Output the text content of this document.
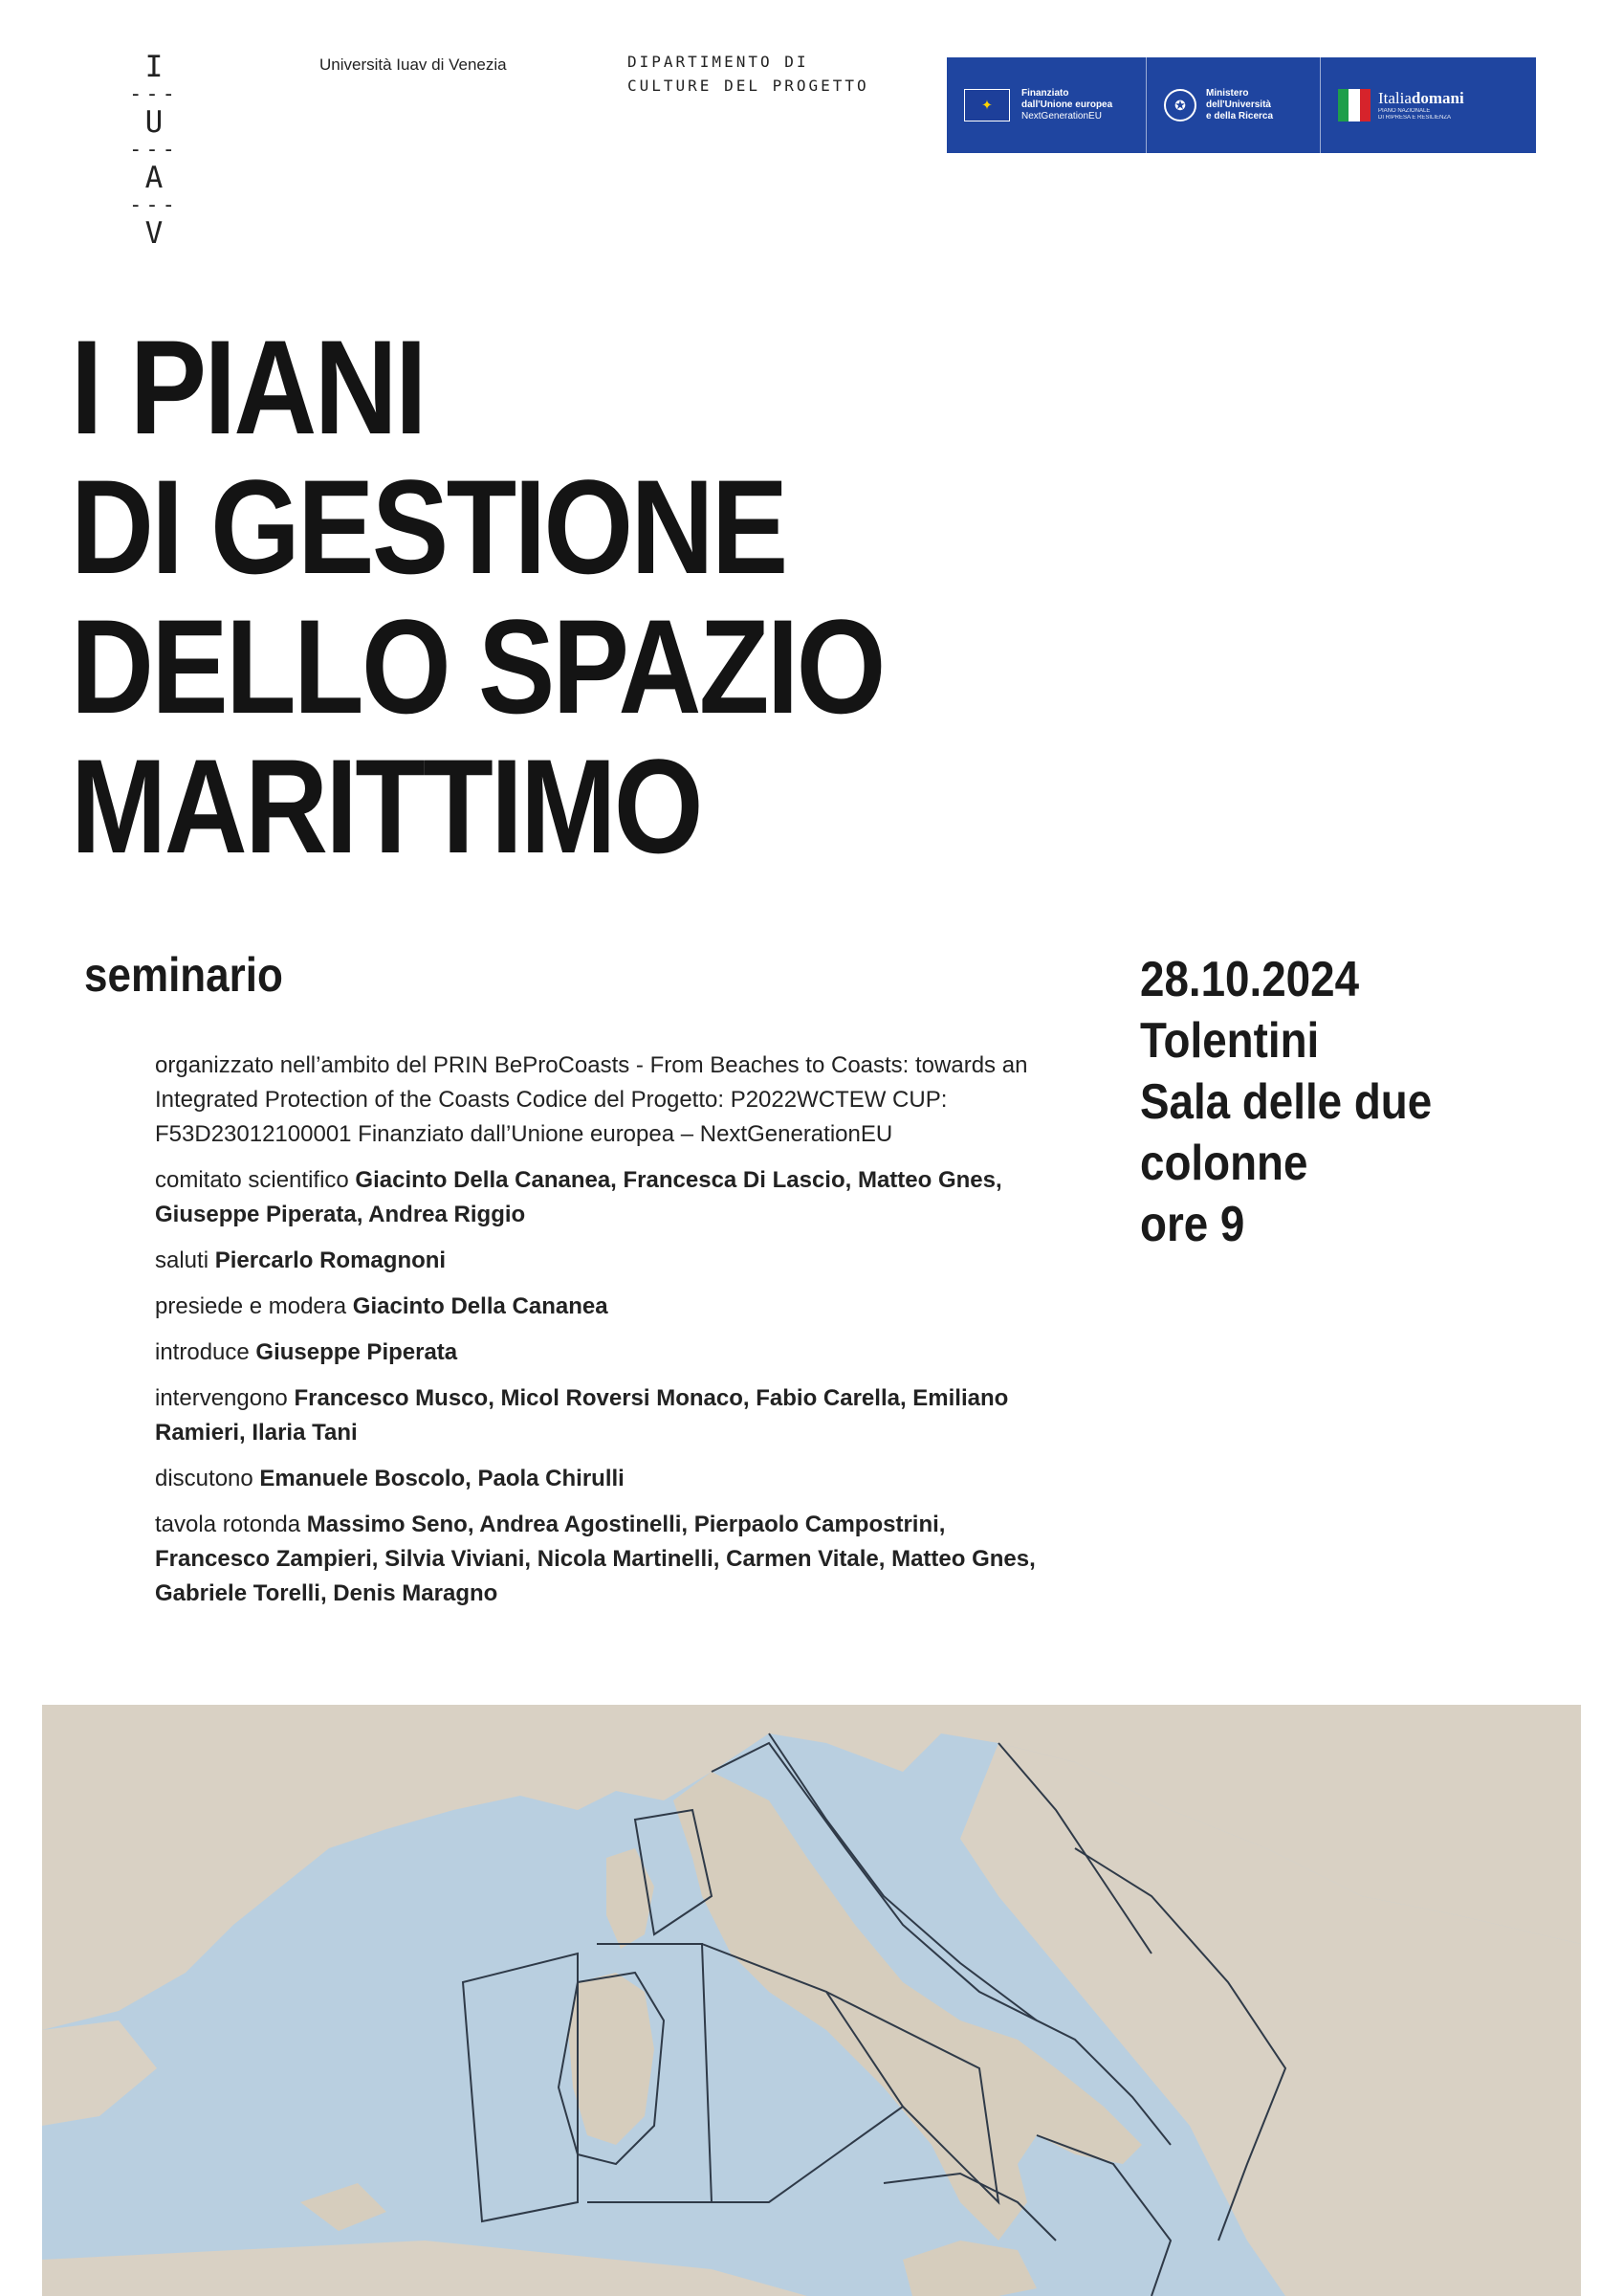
I
---
U
---
A
---
V
Università Iuav di Venezia	DIPARTIMENTO DI
CULTURE DEL PROGETTO
✦
Finanziato
dall'Unione europea
NextGenerationEU
✪
Ministero
dell'Università
e della Ricerca
Italiadomani
PIANO NAZIONALE
DI RIPRESA E RESILIENZA
I PIANI
DI GESTIONE
DELLO SPAZIO
MARITTIMO
seminario	28.10.2024
Tolentini
Sala delle due
colonne
ore 9

organizzato nell’ambito del PRIN BeProCoasts - From Beaches to Coasts: towards an Integrated Protection of the Coasts Codice del Progetto: P2022WCTEW CUP: F53D23012100001 Finanziato dall’Unione europea – NextGenerationEU

comitato scientifico Giacinto Della Cananea, Francesca Di Lascio, Matteo Gnes, Giuseppe Piperata, Andrea Riggio

saluti Piercarlo Romagnoni

presiede e modera Giacinto Della Cananea

introduce Giuseppe Piperata

intervengono Francesco Musco, Micol Roversi Monaco, Fabio Carella, Emiliano Ramieri, Ilaria Tani

discutono Emanuele Boscolo, Paola Chirulli

tavola rotonda Massimo Seno, Andrea Agostinelli, Pierpaolo Campostrini, Francesco Zampieri, Silvia Viviani, Nicola Martinelli, Carmen Vitale, Matteo Gnes, Gabriele Torelli, Denis Maragno
